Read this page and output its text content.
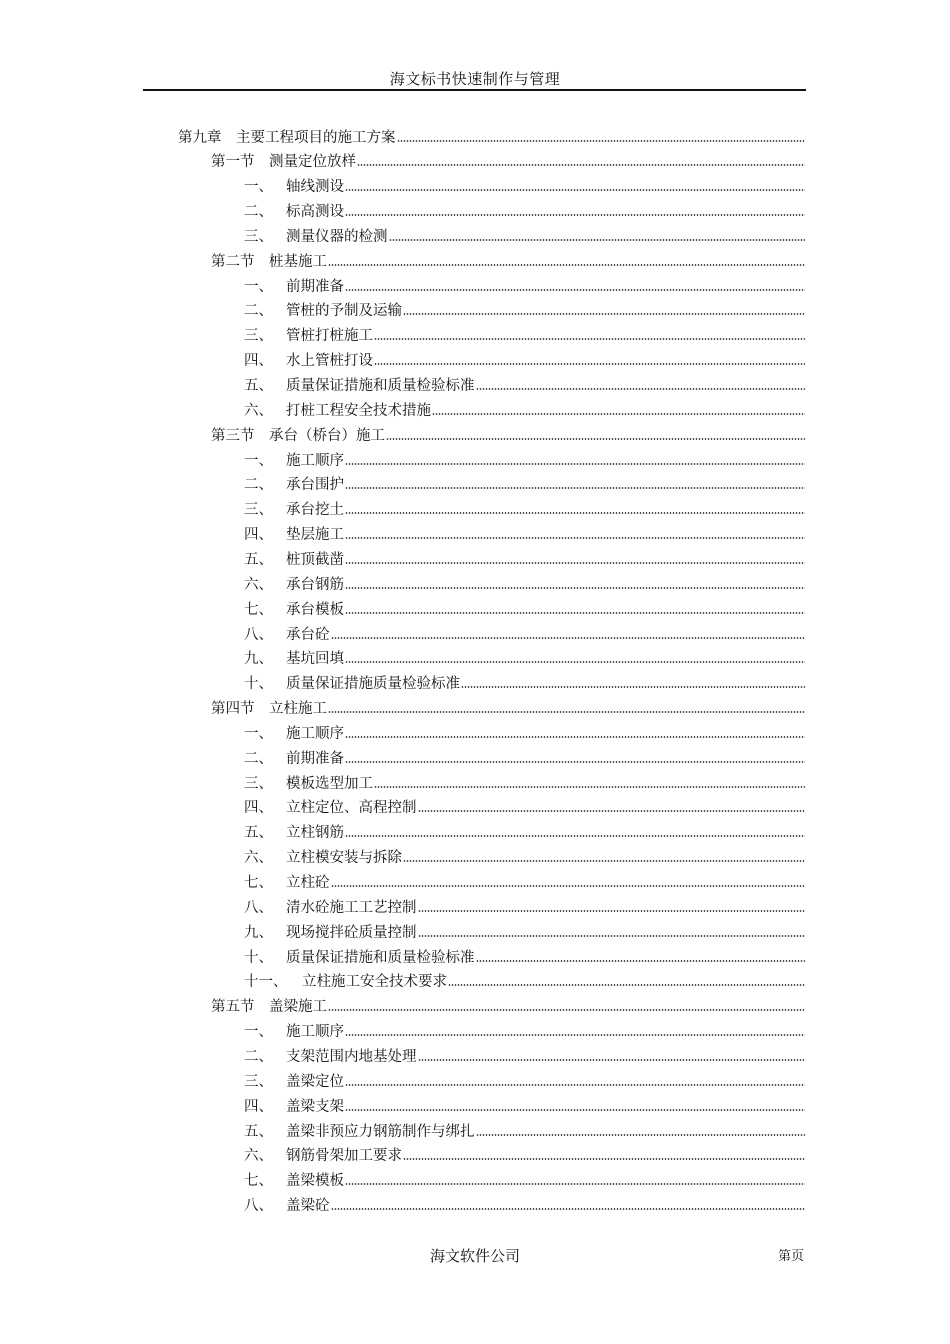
海文标书快速制作与管理
第九章	主要工程项目的施工方案
第一节	测量定位放样
一、 轴线测设
二、 标高测设
三、 测量仪器的检测
第二节	桩基施工
一、 前期准备
二、 管桩的予制及运输
三、 管桩打桩施工
四、 水上管桩打设
五、 质量保证措施和质量检验标准
六、 打桩工程安全技术措施
第三节	承台（桥台）施工
一、 施工顺序
二、 承台围护
三、 承台挖土
四、 垫层施工
五、 桩顶截凿
六、 承台钢筋
七、 承台模板
八、 承台砼
九、 基坑回填
十、 质量保证措施质量检验标准
第四节	立柱施工
一、 施工顺序
二、 前期准备
三、 模板选型加工
四、 立柱定位、高程控制
五、 立柱钢筋
六、 立柱模安装与拆除
七、 立柱砼
八、 清水砼施工工艺控制
九、 现场搅拌砼质量控制
十、 质量保证措施和质量检验标准
十一、	立柱施工安全技术要求
第五节	盖梁施工
一、 施工顺序
二、 支架范围内地基处理
三、 盖梁定位
四、 盖梁支架
五、 盖梁非预应力钢筋制作与绑扎
六、 钢筋骨架加工要求
七、 盖梁模板
八、 盖梁砼
海文软件公司	第页
